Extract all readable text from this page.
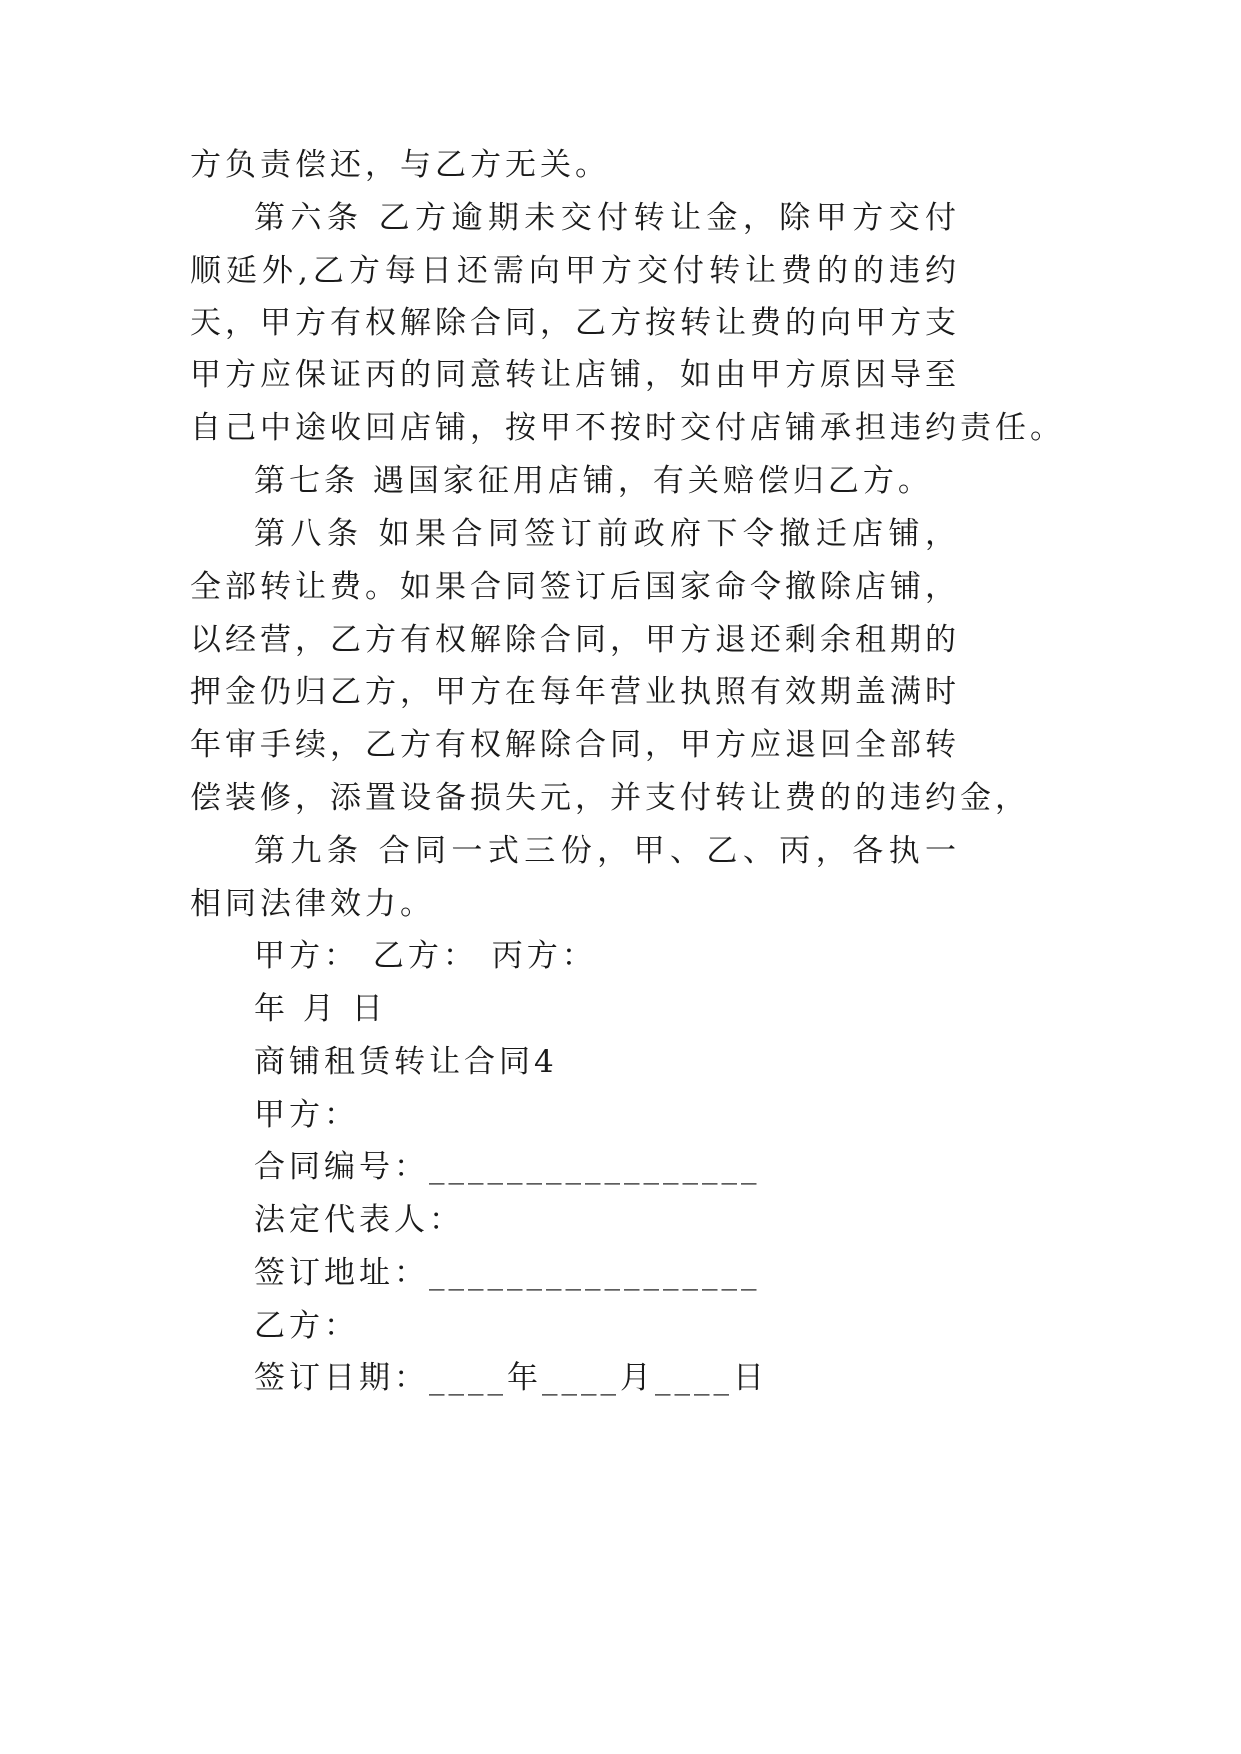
方负责偿还，与乙方无关。
第六条 乙方逾期未交付转让金，除甲方交付
顺延外,乙方每日还需向甲方交付转让费的的违约
天，甲方有权解除合同，乙方按转让费的向甲方支
甲方应保证丙的同意转让店铺，如由甲方原因导至
自己中途收回店铺，按甲不按时交付店铺承担违约责任。
第七条 遇国家征用店铺，有关赔偿归乙方。
第八条 如果合同签订前政府下令撤迁店铺，
全部转让费。如果合同签订后国家命令撤除店铺，
以经营，乙方有权解除合同，甲方退还剩余租期的
押金仍归乙方，甲方在每年营业执照有效期盖满时
年审手续，乙方有权解除合同，甲方应退回全部转
偿装修，添置设备损失元，并支付转让费的的违约金，
第九条 合同一式三份，甲、乙、丙，各执一
相同法律效力。
甲方： 乙方： 丙方：
年 月 日
商铺租赁转让合同4
甲方：
合同编号：_________________
法定代表人：
签订地址：_________________
乙方：
签订日期：____年____月____日
